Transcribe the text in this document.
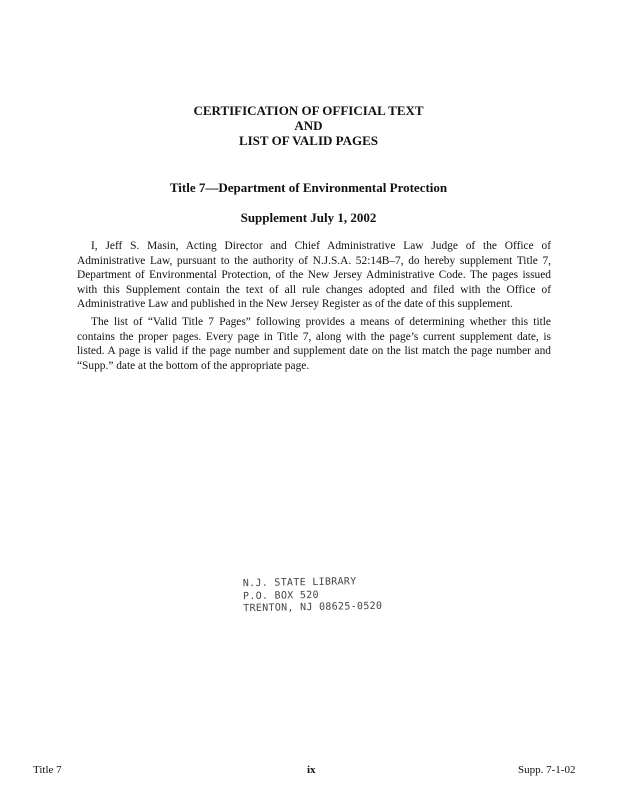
CERTIFICATION OF OFFICIAL TEXT
AND
LIST OF VALID PAGES
Title 7—Department of Environmental Protection
Supplement July 1, 2002
I, Jeff S. Masin, Acting Director and Chief Administrative Law Judge of the Office of Administrative Law, pursuant to the authority of N.J.S.A. 52:14B–7, do hereby supplement Title 7, Department of Environmental Protection, of the New Jersey Administrative Code. The pages issued with this Supplement contain the text of all rule changes adopted and filed with the Office of Administrative Law and published in the New Jersey Register as of the date of this supplement.
The list of “Valid Title 7 Pages” following provides a means of determining whether this title contains the proper pages. Every page in Title 7, along with the page’s current supplement date, is listed. A page is valid if the page number and supplement date on the list match the page number and “Supp.” date at the bottom of the appropriate page.
N.J. STATE LIBRARY
P.O. BOX 520
TRENTON, NJ 08625-0520
Title 7	ix	Supp. 7-1-02
